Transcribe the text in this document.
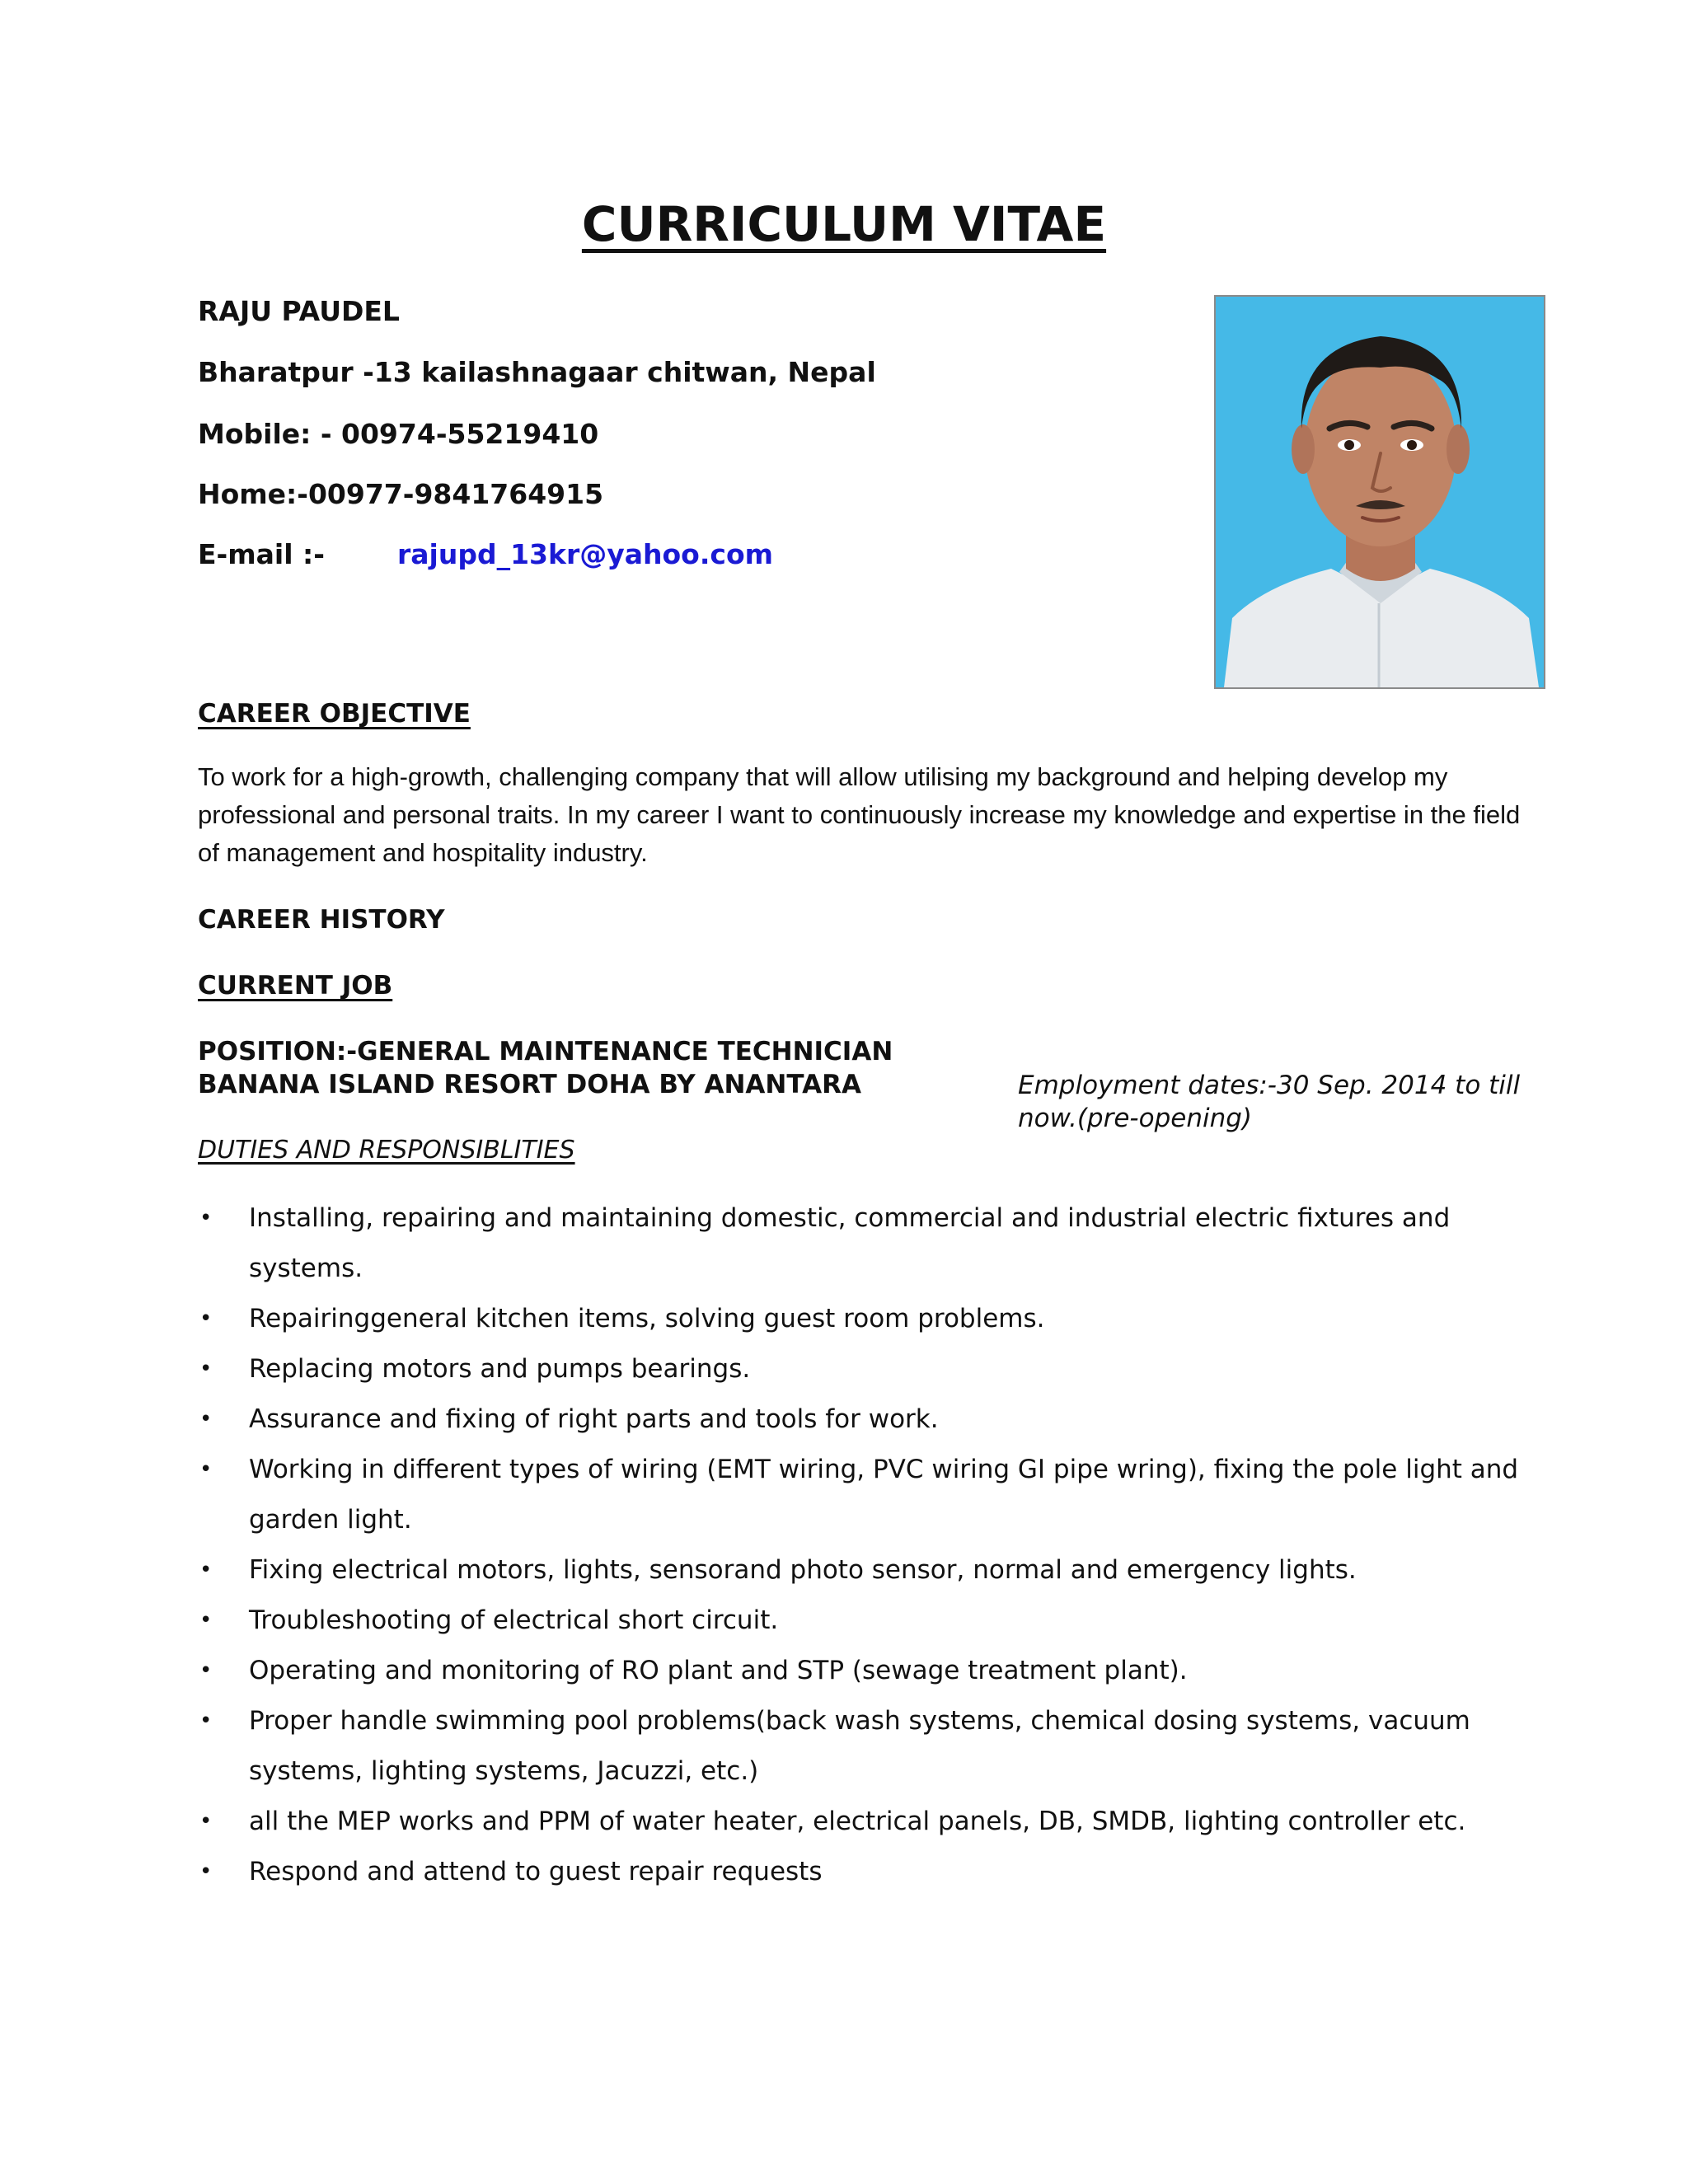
CURRICULUM VITAE
RAJU PAUDEL
Bharatpur -13 kailashnagaar chitwan, Nepal
Mobile: - 00974-55219410
Home:-00977-9841764915
E-mail :-	rajupd_13kr@yahoo.com
CAREER OBJECTIVE

To work for a high-growth, challenging company that will allow utilising my background and helping develop my professional and personal traits. In my career I want to continuously increase my knowledge and expertise in the field of management and hospitality industry.

CAREER HISTORY
CURRENT JOB
POSITION:-GENERAL MAINTENANCE TECHNICIAN
BANANA ISLAND RESORT DOHA BY ANANTARA	Employment dates:-30 Sep. 2014 to till now.(pre-opening)
DUTIES AND RESPONSIBLITIES
• Installing, repairing and maintaining domestic, commercial and industrial electric fixtures and systems.
• Repairinggeneral kitchen items, solving guest room problems.
• Replacing motors and pumps bearings.
• Assurance and fixing of right parts and tools for work.
• Working in different types of wiring (EMT wiring, PVC wiring GI pipe wring), fixing the pole light and garden light.
• Fixing electrical motors, lights, sensorand photo sensor, normal and emergency lights.
• Troubleshooting of electrical short circuit.
• Operating and monitoring of RO plant and STP (sewage treatment plant).
• Proper handle swimming pool problems(back wash systems, chemical dosing systems, vacuum systems, lighting systems, Jacuzzi, etc.)
• all the MEP works and PPM of water heater, electrical panels, DB, SMDB, lighting controller etc.
• Respond and attend to guest repair requests
